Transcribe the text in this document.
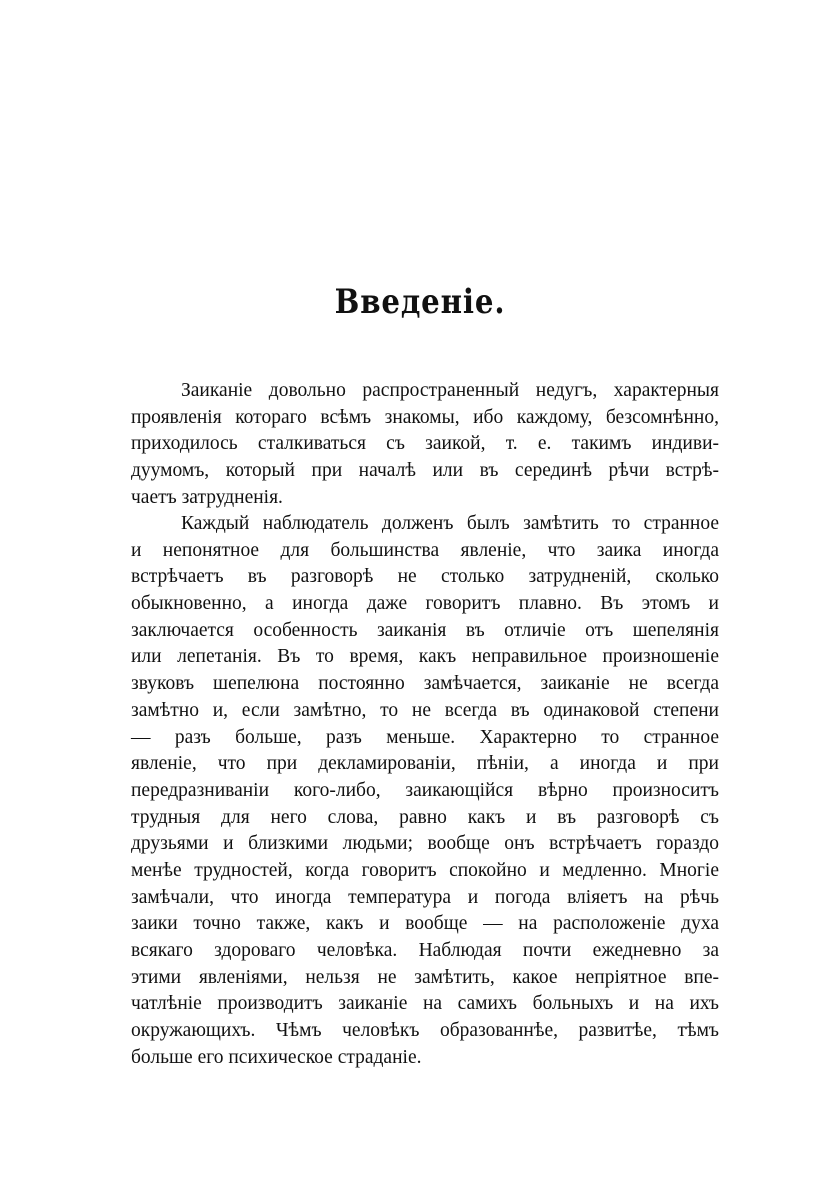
Введеніе.
Заиканіе довольно распространенный недугъ, характерныя
проявленія котораго всѣмъ знакомы, ибо каждому, безсомнѣнно,
приходилось сталкиваться съ заикой, т. е. такимъ индиви-
дуумомъ, который при началѣ или въ серединѣ рѣчи встрѣ-
чаетъ затрудненія.
Каждый наблюдатель долженъ былъ замѣтить то странное
и непонятное для большинства явленіе, что заика иногда
встрѣчаетъ въ разговорѣ не столько затрудненій, сколько
обыкновенно, а иногда даже говоритъ плавно. Въ этомъ и
заключается особенность заиканія въ отличіе отъ шепелянія
или лепетанія. Въ то время, какъ неправильное произношеніе
звуковъ шепелюна постоянно замѣчается, заиканіе не всегда
замѣтно и, если замѣтно, то не всегда въ одинаковой степени
— разъ больше, разъ меньше. Характерно то странное
явленіе, что при декламированіи, пѣніи, а иногда и при
передразниваніи кого-либо, заикающійся вѣрно произноситъ
трудныя для него слова, равно какъ и въ разговорѣ съ
друзьями и близкими людьми; вообще онъ встрѣчаетъ гораздо
менѣе трудностей, когда говоритъ спокойно и медленно. Многіе
замѣчали, что иногда температура и погода вліяетъ на рѣчь
заики точно также, какъ и вообще — на расположеніе духа
всякаго здороваго человѣка. Наблюдая почти ежедневно за
этими явленіями, нельзя не замѣтить, какое непріятное впе-
чатлѣніе производитъ заиканіе на самихъ больныхъ и на ихъ
окружающихъ. Чѣмъ человѣкъ образованнѣе, развитѣе, тѣмъ
больше его психическое страданіе.
